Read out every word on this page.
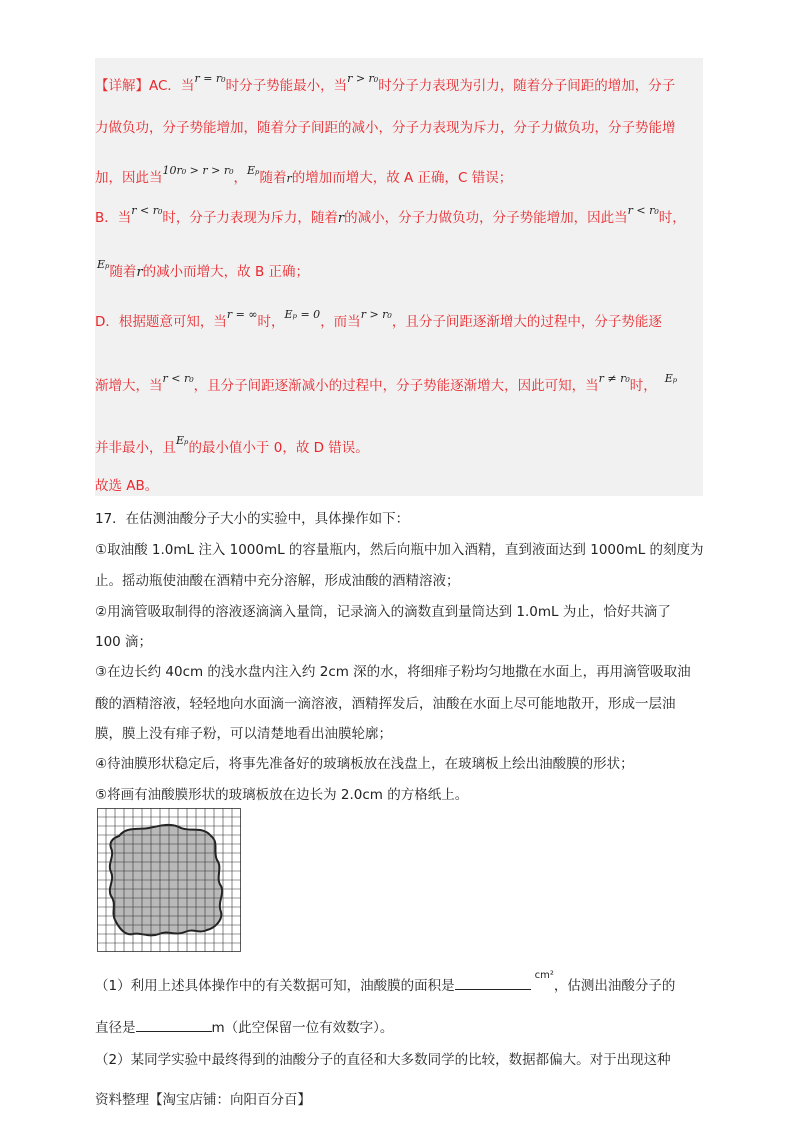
【详解】AC．当$^{r = r_0}$时分子势能最小，当$^{r > r_0}$时分子力表现为引力，随着分子间距的增加，分子
力做负功，分子势能增加，随着分子间距的减小，分子力表现为斥力，分子力做负功，分子势能增
加，因此当$^{10r_0 > r > r_0}$，$^{E_p}$随着r的增加而增大，故 A 正确，C 错误；
B．当$^{r < r_0}$时，分子力表现为斥力，随着r的减小，分子力做负功，分子势能增加，因此当$^{r < r_0}$时，
$^{E_p}$随着r的减小而增大，故 B 正确；
D．根据题意可知，当$^{r = \infty}$时，$^{E_p = 0}$，而当$^{r > r_0}$，且分子间距逐渐增大的过程中，分子势能逐
渐增大，当$^{r < r_0}$，且分子间距逐渐减小的过程中，分子势能逐渐增大，因此可知，当$^{r \ne r_0}$时， $^{E_p}$
并非最小，且$^{E_p}$的最小值小于 0，故 D 错误。
故选 AB。
17．在估测油酸分子大小的实验中，具体操作如下：
①取油酸 1.0mL 注入 1000mL 的容量瓶内，然后向瓶中加入酒精，直到液面达到 1000mL 的刻度为
止。摇动瓶使油酸在酒精中充分溶解，形成油酸的酒精溶液；
②用滴管吸取制得的溶液逐滴滴入量筒，记录滴入的滴数直到量筒达到 1.0mL 为止，恰好共滴了
100 滴；
③在边长约 40cm 的浅水盘内注入约 2cm 深的水，将细痱子粉均匀地撒在水面上，再用滴管吸取油
酸的酒精溶液，轻轻地向水面滴一滴溶液，酒精挥发后，油酸在水面上尽可能地散开，形成一层油
膜，膜上没有痱子粉，可以清楚地看出油膜轮廓；
④待油膜形状稳定后，将事先准备好的玻璃板放在浅盘上，在玻璃板上绘出油酸膜的形状；
⑤将画有油酸膜形状的玻璃板放在边长为 2.0cm 的方格纸上。
（1）利用上述具体操作中的有关数据可知，油酸膜的面积是$^{cm^2}$，估测出油酸分子的
直径是	m（此空保留一位有效数字）。
（2）某同学实验中最终得到的油酸分子的直径和大多数同学的比较，数据都偏大。对于出现这种
资料整理【淘宝店铺：向阳百分百】
